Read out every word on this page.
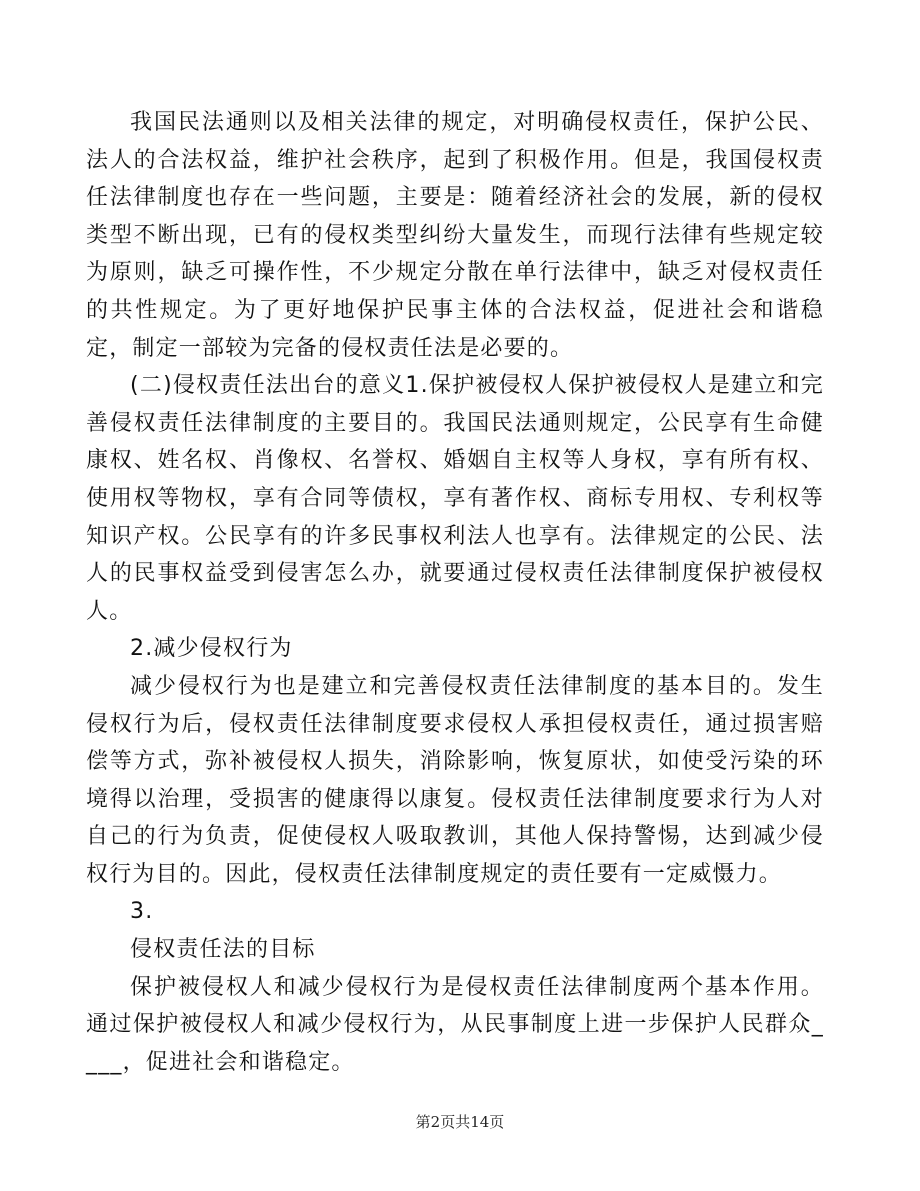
我国民法通则以及相关法律的规定，对明确侵权责任，保护公民、法人的合法权益，维护社会秩序，起到了积极作用。但是，我国侵权责任法律制度也存在一些问题，主要是：随着经济社会的发展，新的侵权类型不断出现，已有的侵权类型纠纷大量发生，而现行法律有些规定较为原则，缺乏可操作性，不少规定分散在单行法律中，缺乏对侵权责任的共性规定。为了更好地保护民事主体的合法权益，促进社会和谐稳定，制定一部较为完备的侵权责任法是必要的。

(二)侵权责任法出台的意义1.保护被侵权人保护被侵权人是建立和完善侵权责任法律制度的主要目的。我国民法通则规定，公民享有生命健康权、姓名权、肖像权、名誉权、婚姻自主权等人身权，享有所有权、使用权等物权，享有合同等债权，享有著作权、商标专用权、专利权等知识产权。公民享有的许多民事权利法人也享有。法律规定的公民、法人的民事权益受到侵害怎么办，就要通过侵权责任法律制度保护被侵权人。

2.减少侵权行为

减少侵权行为也是建立和完善侵权责任法律制度的基本目的。发生侵权行为后，侵权责任法律制度要求侵权人承担侵权责任，通过损害赔偿等方式，弥补被侵权人损失，消除影响，恢复原状，如使受污染的环境得以治理，受损害的健康得以康复。侵权责任法律制度要求行为人对自己的行为负责，促使侵权人吸取教训，其他人保持警惕，达到减少侵权行为目的。因此，侵权责任法律制度规定的责任要有一定威慑力。

3.

侵权责任法的目标

保护被侵权人和减少侵权行为是侵权责任法律制度两个基本作用。通过保护被侵权人和减少侵权行为，从民事制度上进一步保护人民群众____，促进社会和谐稳定。

第2页共14页
